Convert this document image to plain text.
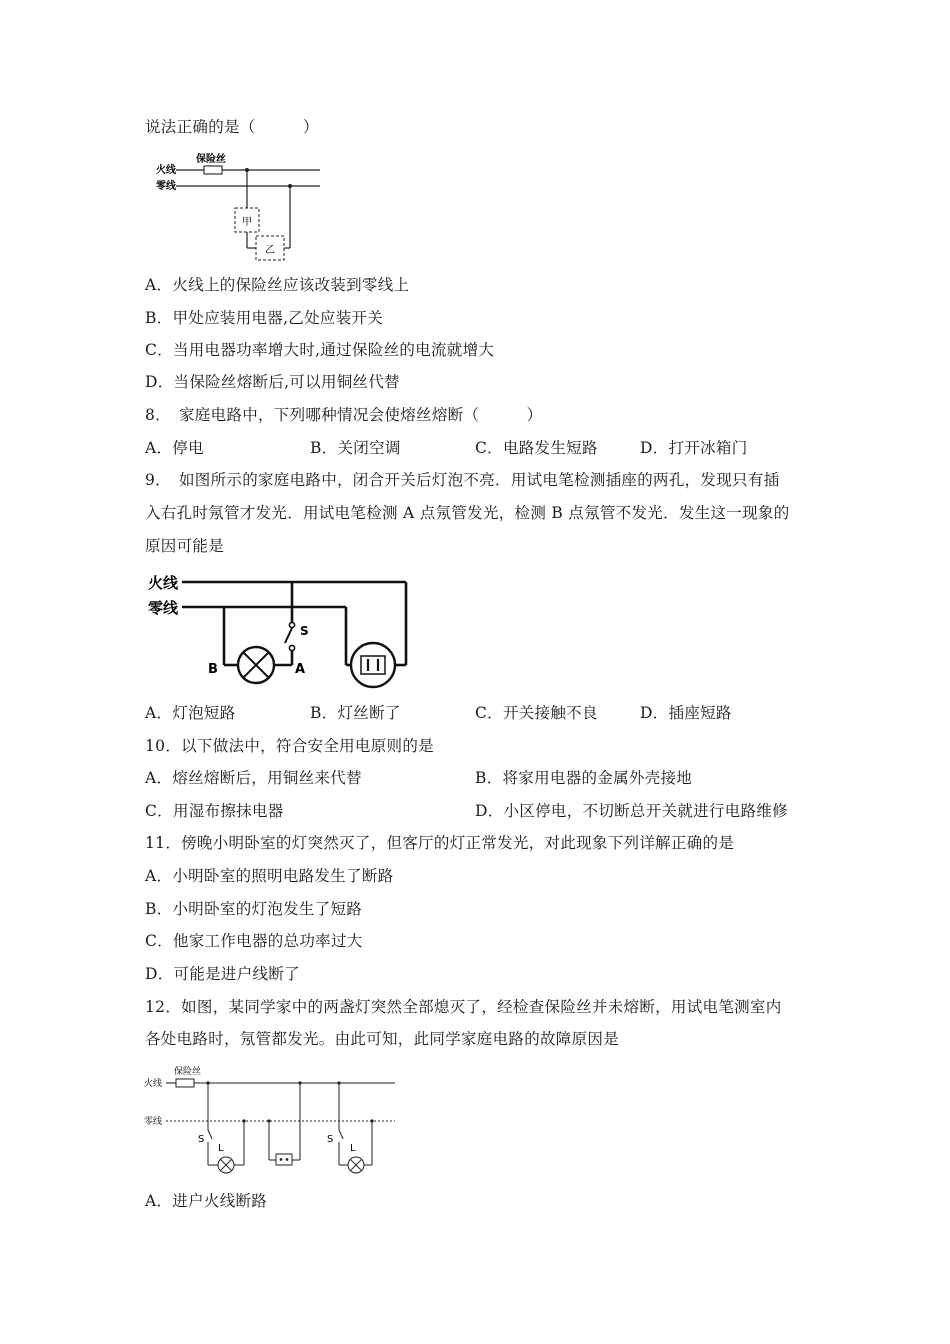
说法正确的是（　　　）
火线
零线
保险丝
甲
乙
A．火线上的保险丝应该改装到零线上
B．甲处应装用电器,乙处应装开关
C．当用电器功率增大时,通过保险丝的电流就增大
D．当保险丝熔断后,可以用铜丝代替
8．　家庭电路中，下列哪种情况会使熔丝熔断（　　　）
A．停电	B．关闭空调	C．电路发生短路	D．打开冰箱门
9．　如图所示的家庭电路中，闭合开关后灯泡不亮．用试电笔检测插座的两孔，发现只有插
入右孔时氖管才发光．用试电笔检测 A 点氖管发光，检测 B 点氖管不发光．发生这一现象的
原因可能是
火线
零线
S
A
B
A．灯泡短路	B．灯丝断了	C．开关接触不良	D．插座短路
10．以下做法中，符合安全用电原则的是
A．熔丝熔断后，用铜丝来代替	B．将家用电器的金属外壳接地
C．用湿布擦抹电器	D．小区停电，不切断总开关就进行电路维修
11．傍晚小明卧室的灯突然灭了，但客厅的灯正常发光，对此现象下列详解正确的是
A．小明卧室的照明电路发生了断路
B．小明卧室的灯泡发生了短路
C．他家工作电器的总功率过大
D．可能是进户线断了
12．如图，某同学家中的两盏灯突然全部熄灭了，经检查保险丝并未熔断，用试电笔测室内
各处电路时，氖管都发光。由此可知，此同学家庭电路的故障原因是
火线
零线
保险丝
S
L
S
L
A．进户火线断路
